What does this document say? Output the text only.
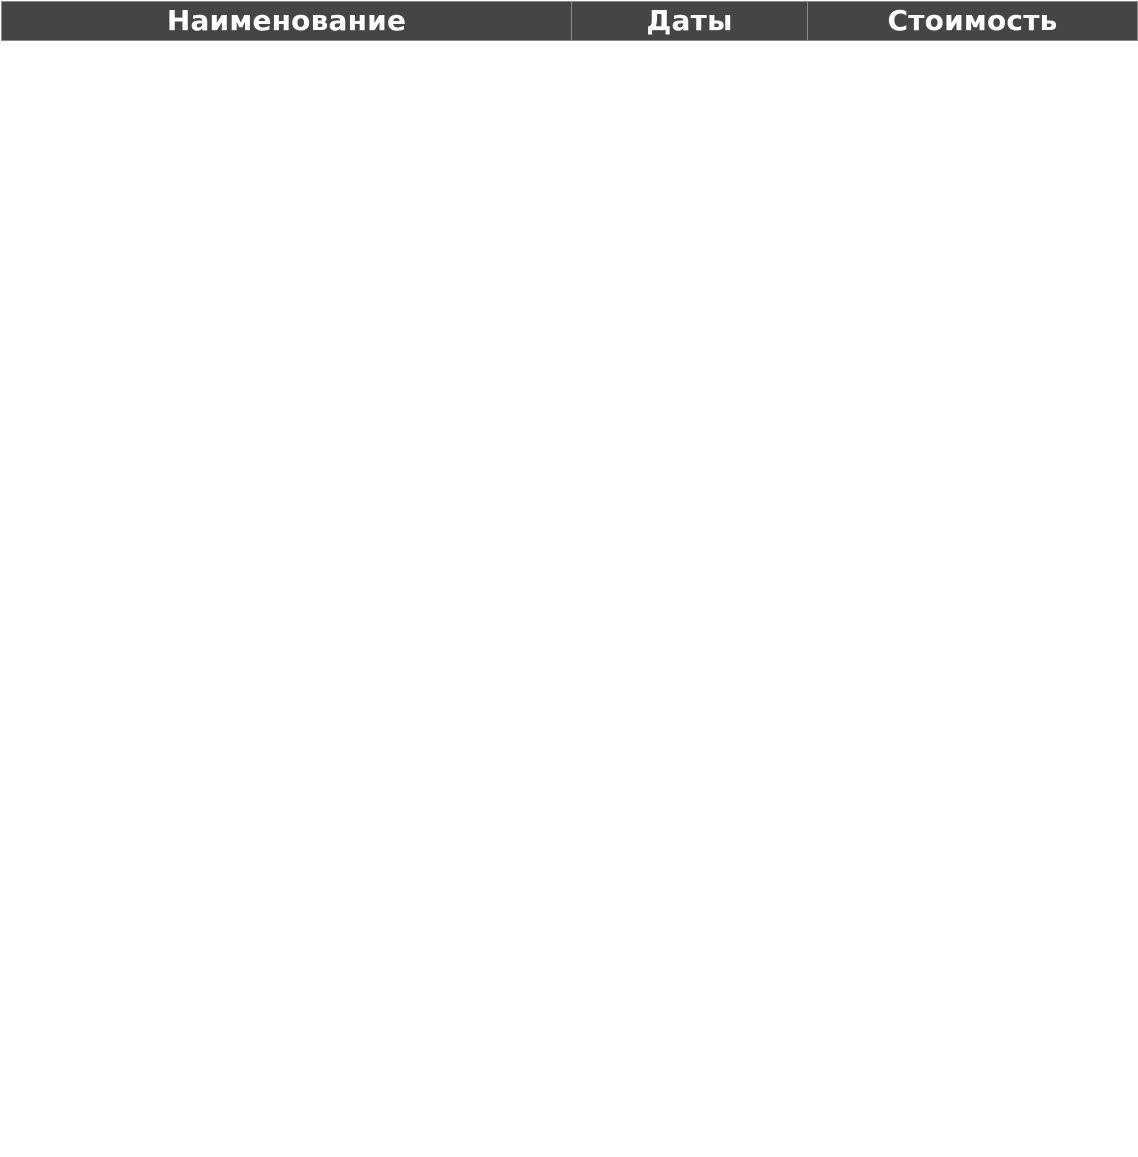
Наименование	Даты	Стоимость
